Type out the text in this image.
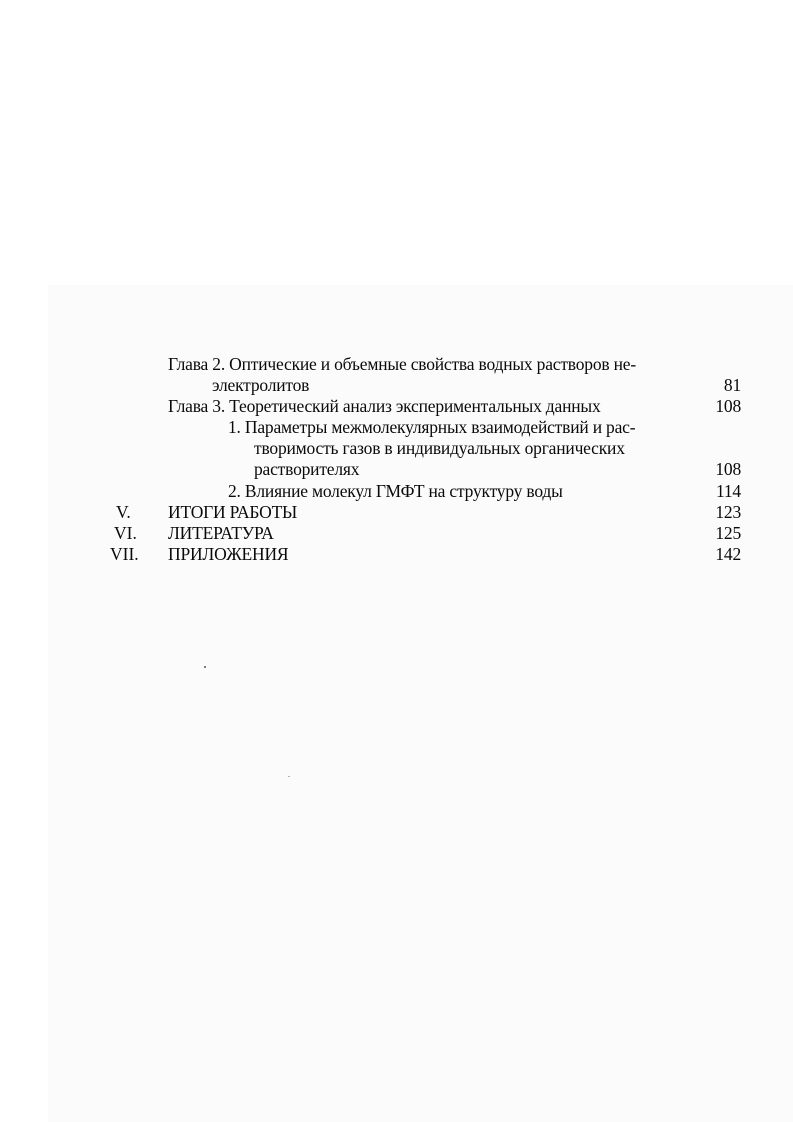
Глава 2. Оптические и объемные свойства водных растворов не-
электролитов	81
Глава 3. Теоретический анализ экспериментальных данных	108
1. Параметры межмолекулярных взаимодействий и рас-
творимость газов в индивидуальных органических
растворителях	108
2. Влияние молекул ГМФТ на структуру воды	114
V. ИТОГИ РАБОТЫ	123
VI. ЛИТЕРАТУРА	125
VII. ПРИЛОЖЕНИЯ	142
